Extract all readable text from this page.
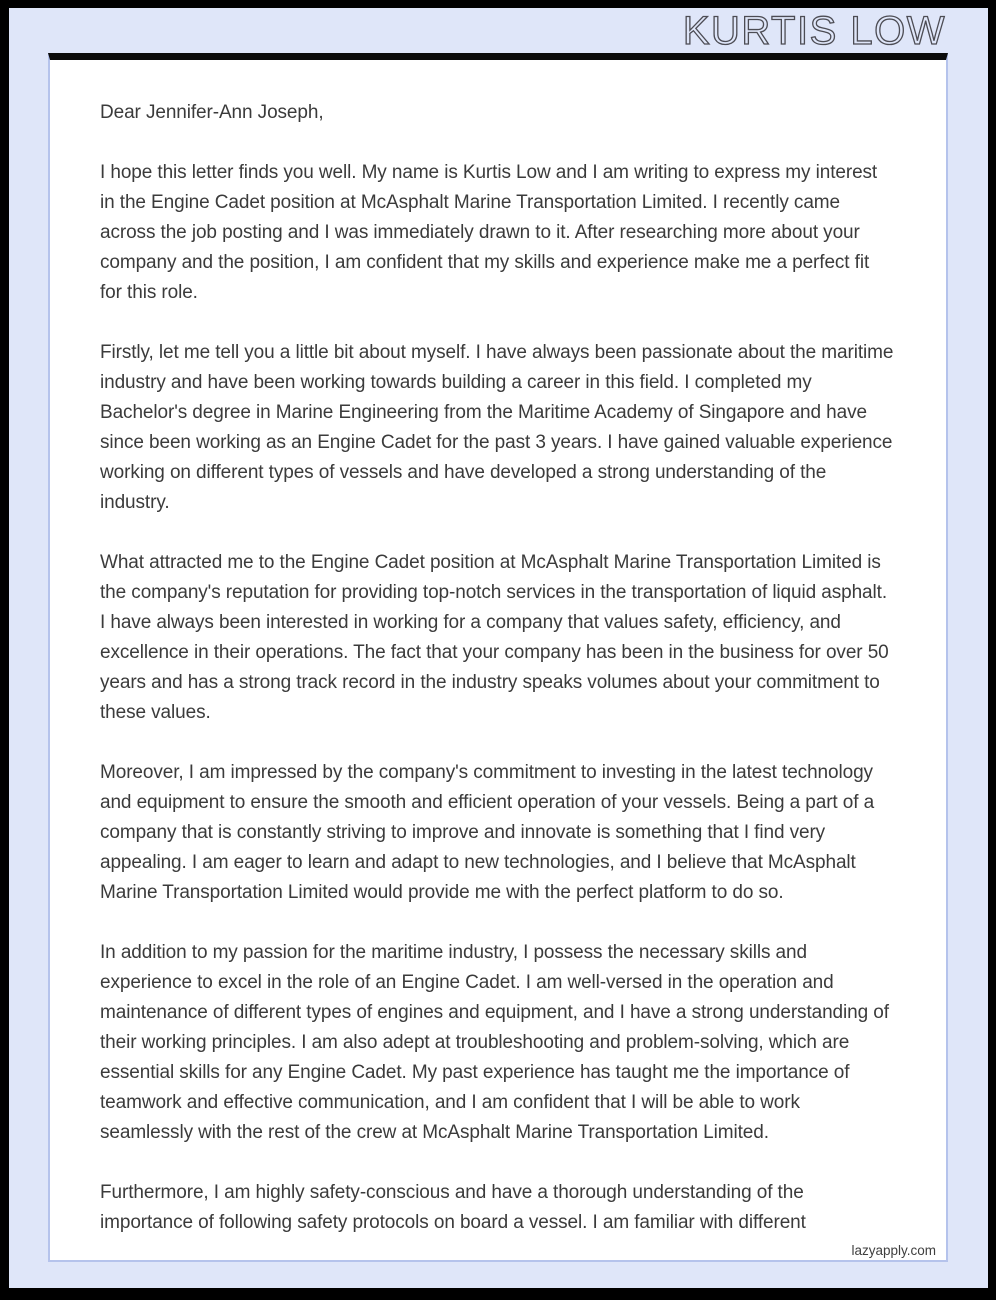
KURTIS LOW

Dear Jennifer-Ann Joseph,

I hope this letter finds you well. My name is Kurtis Low and I am writing to express my interest in the Engine Cadet position at McAsphalt Marine Transportation Limited. I recently came across the job posting and I was immediately drawn to it. After researching more about your company and the position, I am confident that my skills and experience make me a perfect fit for this role.

Firstly, let me tell you a little bit about myself. I have always been passionate about the maritime industry and have been working towards building a career in this field. I completed my Bachelor's degree in Marine Engineering from the Maritime Academy of Singapore and have since been working as an Engine Cadet for the past 3 years. I have gained valuable experience working on different types of vessels and have developed a strong understanding of the industry.

What attracted me to the Engine Cadet position at McAsphalt Marine Transportation Limited is the company's reputation for providing top-notch services in the transportation of liquid asphalt. I have always been interested in working for a company that values safety, efficiency, and excellence in their operations. The fact that your company has been in the business for over 50 years and has a strong track record in the industry speaks volumes about your commitment to these values.

Moreover, I am impressed by the company's commitment to investing in the latest technology and equipment to ensure the smooth and efficient operation of your vessels. Being a part of a company that is constantly striving to improve and innovate is something that I find very appealing. I am eager to learn and adapt to new technologies, and I believe that McAsphalt Marine Transportation Limited would provide me with the perfect platform to do so.

In addition to my passion for the maritime industry, I possess the necessary skills and experience to excel in the role of an Engine Cadet. I am well-versed in the operation and maintenance of different types of engines and equipment, and I have a strong understanding of their working principles. I am also adept at troubleshooting and problem-solving, which are essential skills for any Engine Cadet. My past experience has taught me the importance of teamwork and effective communication, and I am confident that I will be able to work seamlessly with the rest of the crew at McAsphalt Marine Transportation Limited.

Furthermore, I am highly safety-conscious and have a thorough understanding of the importance of following safety protocols on board a vessel. I am familiar with different

lazyapply.com
